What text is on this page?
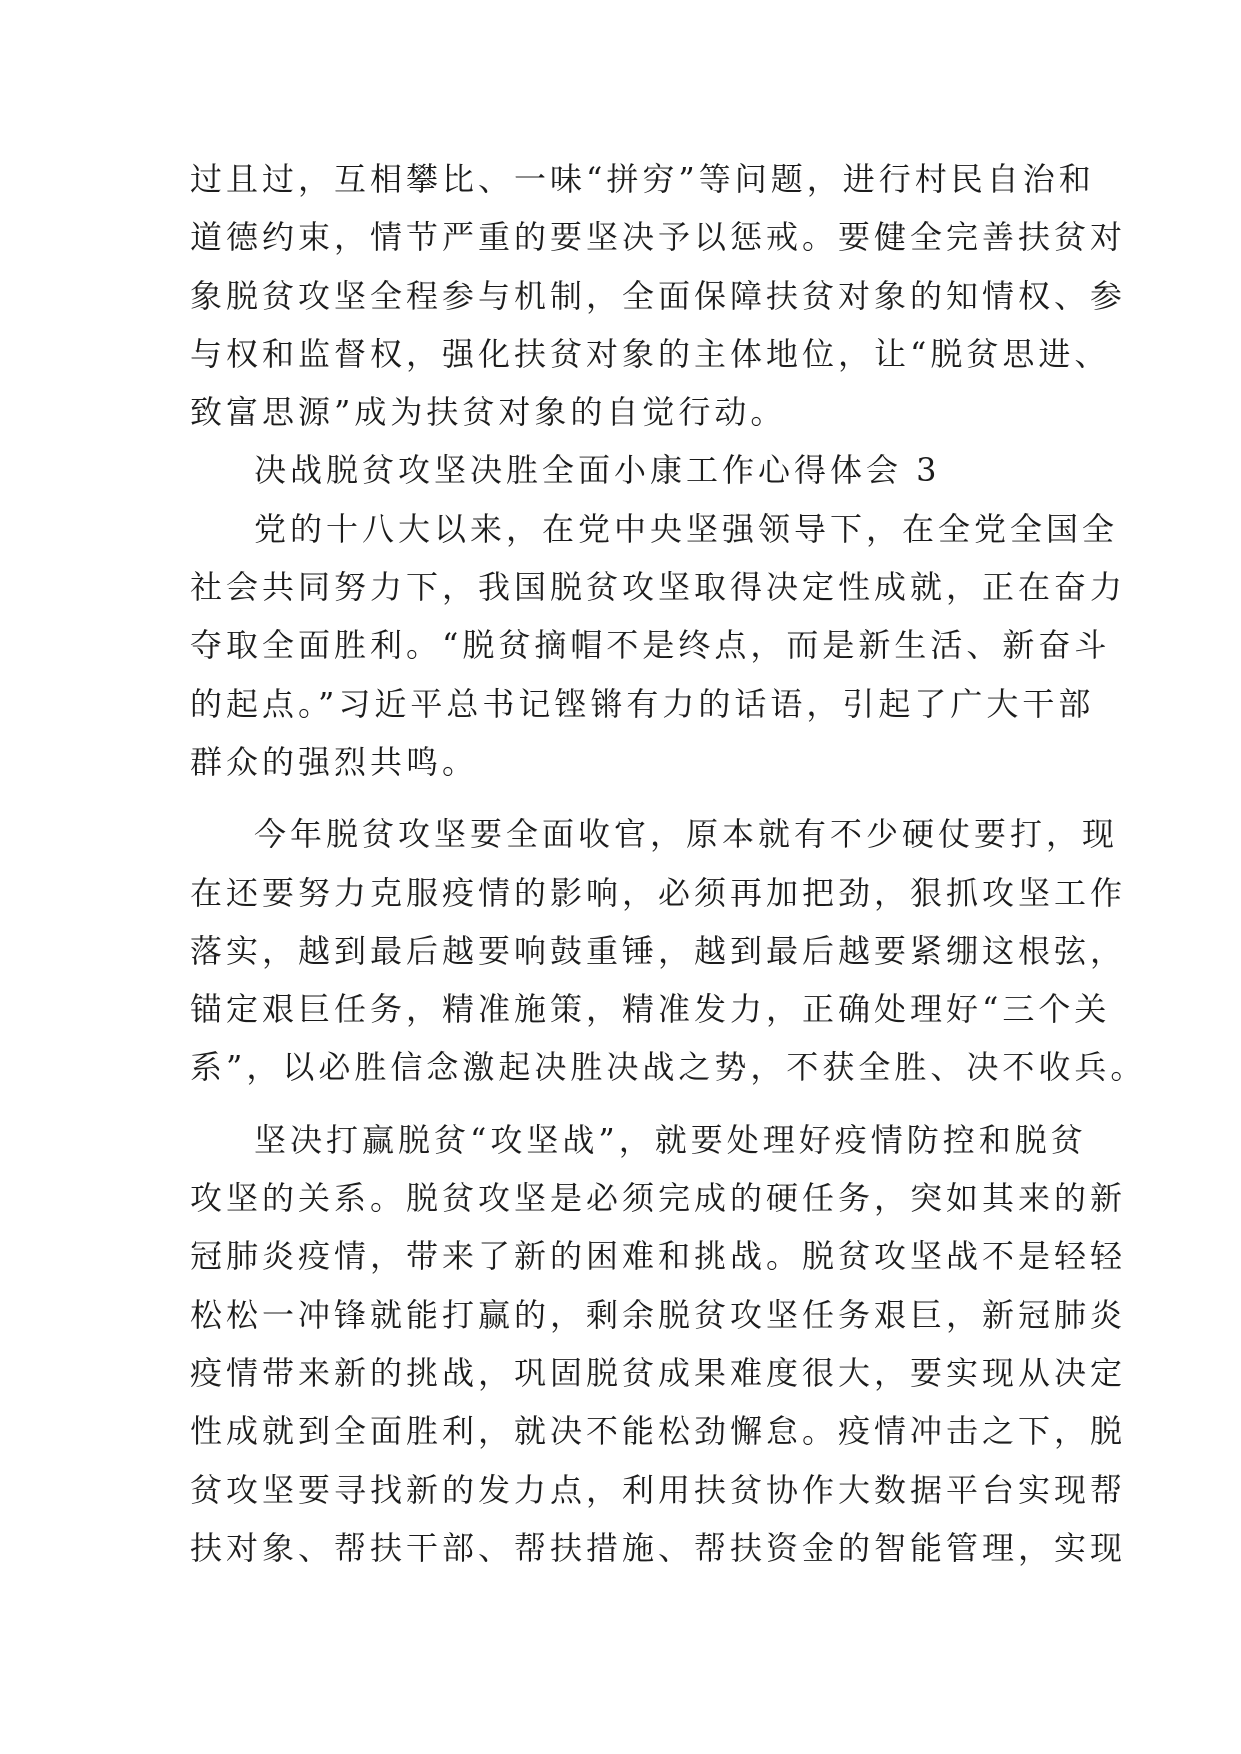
过且过，互相攀比、一味“拼穷”等问题，进行村民自治和
道德约束，情节严重的要坚决予以惩戒。要健全完善扶贫对
象脱贫攻坚全程参与机制，全面保障扶贫对象的知情权、参
与权和监督权，强化扶贫对象的主体地位，让“脱贫思进、
致富思源”成为扶贫对象的自觉行动。
决战脱贫攻坚决胜全面小康工作心得体会 3
党的十八大以来，在党中央坚强领导下，在全党全国全
社会共同努力下，我国脱贫攻坚取得决定性成就，正在奋力
夺取全面胜利。“脱贫摘帽不是终点，而是新生活、新奋斗
的起点。”习近平总书记铿锵有力的话语，引起了广大干部
群众的强烈共鸣。
今年脱贫攻坚要全面收官，原本就有不少硬仗要打，现
在还要努力克服疫情的影响，必须再加把劲，狠抓攻坚工作
落实，越到最后越要响鼓重锤，越到最后越要紧绷这根弦，
锚定艰巨任务，精准施策，精准发力，正确处理好“三个关
系”，以必胜信念激起决胜决战之势，不获全胜、决不收兵。
坚决打赢脱贫“攻坚战”，就要处理好疫情防控和脱贫
攻坚的关系。脱贫攻坚是必须完成的硬任务，突如其来的新
冠肺炎疫情，带来了新的困难和挑战。脱贫攻坚战不是轻轻
松松一冲锋就能打赢的，剩余脱贫攻坚任务艰巨，新冠肺炎
疫情带来新的挑战，巩固脱贫成果难度很大，要实现从决定
性成就到全面胜利，就决不能松劲懈怠。疫情冲击之下，脱
贫攻坚要寻找新的发力点，利用扶贫协作大数据平台实现帮
扶对象、帮扶干部、帮扶措施、帮扶资金的智能管理，实现
